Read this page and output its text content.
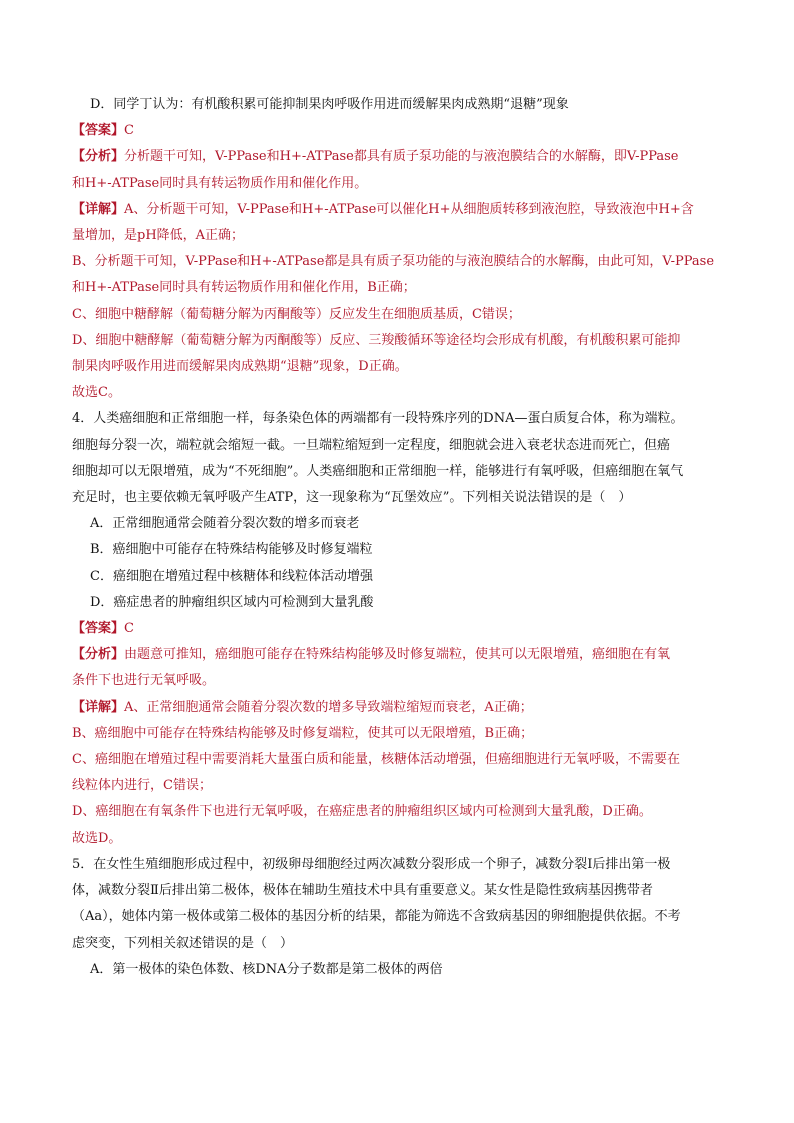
D．同学丁认为：有机酸积累可能抑制果肉呼吸作用进而缓解果肉成熟期“退糖”现象
【答案】C
【分析】分析题干可知，V-PPase和H+-ATPase都具有质子泵功能的与液泡膜结合的水解酶，即V-PPase
和H+-ATPase同时具有转运物质作用和催化作用。
【详解】A、分析题干可知，V-PPase和H+-ATPase可以催化H+从细胞质转移到液泡腔，导致液泡中H+含
量增加，是pH降低，A正确；
B、分析题干可知，V-PPase和H+-ATPase都是具有质子泵功能的与液泡膜结合的水解酶，由此可知，V-PPase
和H+-ATPase同时具有转运物质作用和催化作用，B正确；
C、细胞中糖酵解（葡萄糖分解为丙酮酸等）反应发生在细胞质基质，C错误；
D、细胞中糖酵解（葡萄糖分解为丙酮酸等）反应、三羧酸循环等途径均会形成有机酸，有机酸积累可能抑
制果肉呼吸作用进而缓解果肉成熟期“退糖”现象，D正确。
故选C。
4．人类癌细胞和正常细胞一样，每条染色体的两端都有一段特殊序列的DNA—蛋白质复合体，称为端粒。
细胞每分裂一次，端粒就会缩短一截。一旦端粒缩短到一定程度，细胞就会进入衰老状态进而死亡，但癌
细胞却可以无限增殖，成为“不死细胞”。人类癌细胞和正常细胞一样，能够进行有氧呼吸，但癌细胞在氧气
充足时，也主要依赖无氧呼吸产生ATP，这一现象称为“瓦堡效应”。下列相关说法错误的是（　）
A．正常细胞通常会随着分裂次数的增多而衰老
B．癌细胞中可能存在特殊结构能够及时修复端粒
C．癌细胞在增殖过程中核糖体和线粒体活动增强
D．癌症患者的肿瘤组织区域内可检测到大量乳酸
【答案】C
【分析】由题意可推知，癌细胞可能存在特殊结构能够及时修复端粒，使其可以无限增殖，癌细胞在有氧
条件下也进行无氧呼吸。
【详解】A、正常细胞通常会随着分裂次数的增多导致端粒缩短而衰老，A正确；
B、癌细胞中可能存在特殊结构能够及时修复端粒，使其可以无限增殖，B正确；
C、癌细胞在增殖过程中需要消耗大量蛋白质和能量，核糖体活动增强，但癌细胞进行无氧呼吸，不需要在
线粒体内进行，C错误；
D、癌细胞在有氧条件下也进行无氧呼吸，在癌症患者的肿瘤组织区域内可检测到大量乳酸，D正确。
故选D。
5．在女性生殖细胞形成过程中，初级卵母细胞经过两次减数分裂形成一个卵子，减数分裂Ⅰ后排出第一极
体，减数分裂Ⅱ后排出第二极体，极体在辅助生殖技术中具有重要意义。某女性是隐性致病基因携带者
（Aa），她体内第一极体或第二极体的基因分析的结果，都能为筛选不含致病基因的卵细胞提供依据。不考
虑突变，下列相关叙述错误的是（　）
A．第一极体的染色体数、核DNA分子数都是第二极体的两倍
